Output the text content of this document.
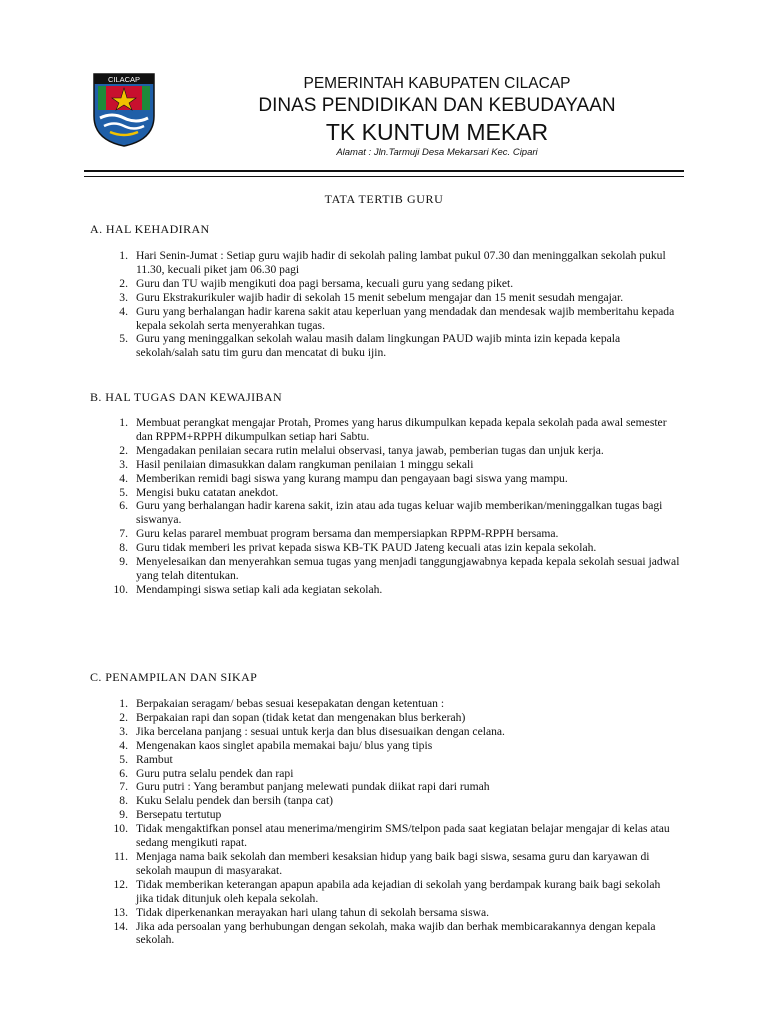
CILACAP	PEMERINTAH KABUPATEN CILACAP
DINAS PENDIDIKAN DAN KEBUDAYAAN
TK KUNTUM MEKAR
Alamat : Jln.Tarmuji Desa Mekarsari Kec. Cipari
TATA TERTIB GURU
A. HAL KEHADIRAN
1. Hari Senin-Jumat : Setiap guru wajib hadir di sekolah paling lambat pukul 07.30 dan meninggalkan sekolah pukul 11.30, kecuali piket jam 06.30 pagi
2. Guru dan TU wajib mengikuti doa pagi bersama, kecuali guru yang sedang piket.
3. Guru Ekstrakurikuler wajib hadir di sekolah 15 menit sebelum mengajar dan 15 menit sesudah mengajar.
4. Guru yang berhalangan hadir karena sakit atau keperluan yang mendadak dan mendesak wajib memberitahu kepada kepala sekolah serta menyerahkan tugas.
5. Guru yang meninggalkan sekolah walau masih dalam lingkungan PAUD wajib minta izin kepada kepala sekolah/salah satu tim guru dan mencatat di buku ijin.
B. HAL TUGAS DAN KEWAJIBAN
1. Membuat perangkat mengajar Protah, Promes yang harus dikumpulkan kepada kepala sekolah pada awal semester dan RPPM+RPPH dikumpulkan setiap hari Sabtu.
2. Mengadakan penilaian secara rutin melalui observasi, tanya jawab, pemberian tugas dan unjuk kerja.
3. Hasil penilaian dimasukkan dalam rangkuman penilaian 1 minggu sekali
4. Memberikan remidi bagi siswa yang kurang mampu dan pengayaan bagi siswa yang mampu.
5. Mengisi buku catatan anekdot.
6. Guru yang berhalangan hadir karena sakit, izin atau ada tugas keluar wajib memberikan/meninggalkan tugas bagi siswanya.
7. Guru kelas pararel membuat program bersama dan mempersiapkan RPPM-RPPH bersama.
8. Guru tidak memberi les privat kepada siswa KB-TK PAUD Jateng kecuali atas izin kepala sekolah.
9. Menyelesaikan dan menyerahkan semua tugas yang menjadi tanggungjawabnya kepada kepala sekolah sesuai jadwal yang telah ditentukan.
10. Mendampingi siswa setiap kali ada kegiatan sekolah.
C. PENAMPILAN DAN SIKAP
1. Berpakaian seragam/ bebas sesuai kesepakatan dengan ketentuan :
2. Berpakaian rapi dan sopan (tidak ketat dan mengenakan blus berkerah)
3. Jika bercelana panjang : sesuai untuk kerja dan blus disesuaikan dengan celana.
4. Mengenakan kaos singlet apabila memakai baju/ blus yang tipis
5. Rambut
6. Guru putra selalu pendek dan rapi
7. Guru putri : Yang berambut panjang melewati pundak diikat rapi dari rumah
8. Kuku Selalu pendek dan bersih (tanpa cat)
9. Bersepatu tertutup
10. Tidak mengaktifkan ponsel atau menerima/mengirim SMS/telpon pada saat kegiatan belajar mengajar di kelas atau sedang mengikuti rapat.
11. Menjaga nama baik sekolah dan memberi kesaksian hidup yang baik bagi siswa, sesama guru dan karyawan di sekolah maupun di masyarakat.
12. Tidak memberikan keterangan apapun apabila ada kejadian di sekolah yang berdampak kurang baik bagi sekolah jika tidak ditunjuk oleh kepala sekolah.
13. Tidak diperkenankan merayakan hari ulang tahun di sekolah bersama siswa.
14. Jika ada persoalan yang berhubungan dengan sekolah, maka wajib dan berhak membicarakannya dengan kepala sekolah.
